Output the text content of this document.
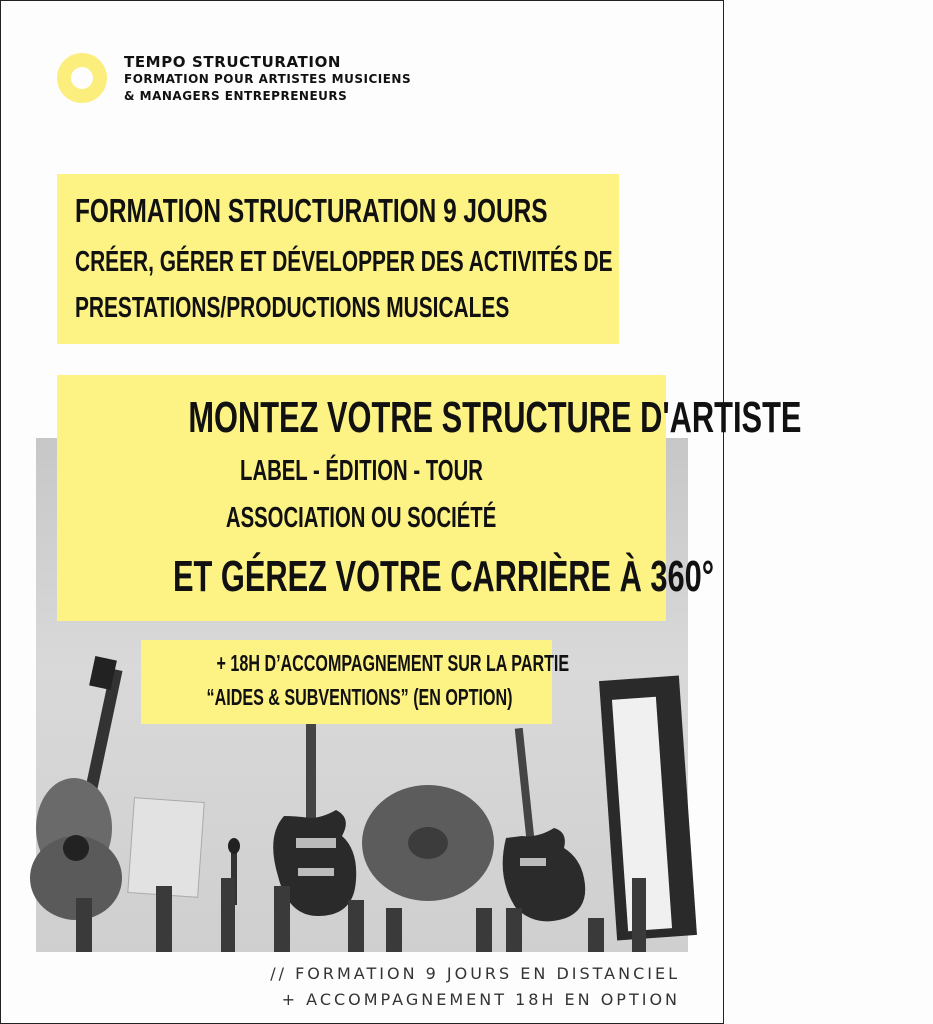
TEMPO STRUCTURATION
FORMATION POUR ARTISTES MUSICIENS
& MANAGERS ENTREPRENEURS
FORMATION STRUCTURATION 9 JOURS
CRÉER, GÉRER ET DÉVELOPPER DES ACTIVITÉS DE
PRESTATIONS/PRODUCTIONS MUSICALES
MONTEZ VOTRE STRUCTURE D'ARTISTE
LABEL - ÉDITION - TOUR
ASSOCIATION OU SOCIÉTÉ
ET GÉREZ VOTRE CARRIÈRE À 360°
+ 18H D’ACCOMPAGNEMENT SUR LA PARTIE
“AIDES & SUBVENTIONS” (EN OPTION)
// FORMATION 9 JOURS EN DISTANCIEL
+ ACCOMPAGNEMENT 18H EN OPTION
